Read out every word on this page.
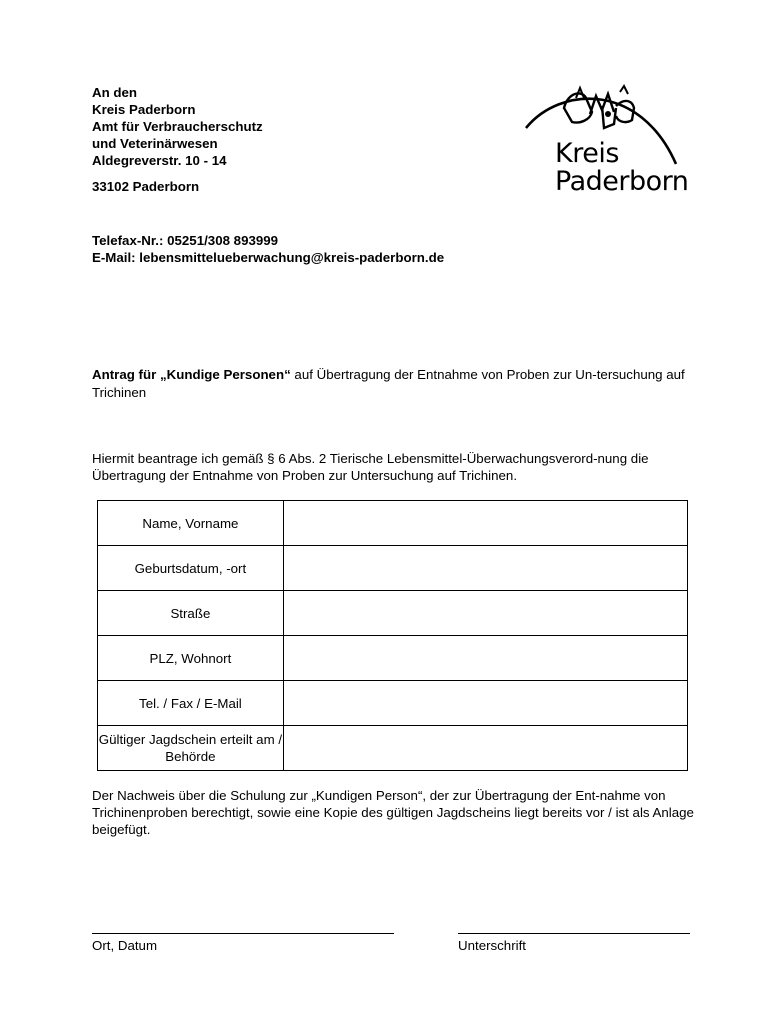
An den
Kreis Paderborn
Amt für Verbraucherschutz
und Veterinärwesen
Aldegreverstr. 10 - 14
33102 Paderborn
Kreis
Paderborn
Telefax-Nr.: 05251/308 893999
E-Mail: lebensmittelueberwachung@kreis-paderborn.de
Antrag für „Kundige Personen“ auf Übertragung der Entnahme von Proben zur Un-tersuchung auf Trichinen
Hiermit beantrage ich gemäß § 6 Abs. 2 Tierische Lebensmittel-Überwachungsverord-nung die Übertragung der Entnahme von Proben zur Untersuchung auf Trichinen.
Name, Vorname	
Geburtsdatum, -ort	
Straße	
PLZ, Wohnort	
Tel. / Fax / E-Mail	
Gültiger Jagdschein erteilt am / Behörde	
Der Nachweis über die Schulung zur „Kundigen Person“, der zur Übertragung der Ent-nahme von Trichinenproben berechtigt, sowie eine Kopie des gültigen Jagdscheins liegt bereits vor / ist als Anlage beigefügt.
Ort, Datum	Unterschrift
